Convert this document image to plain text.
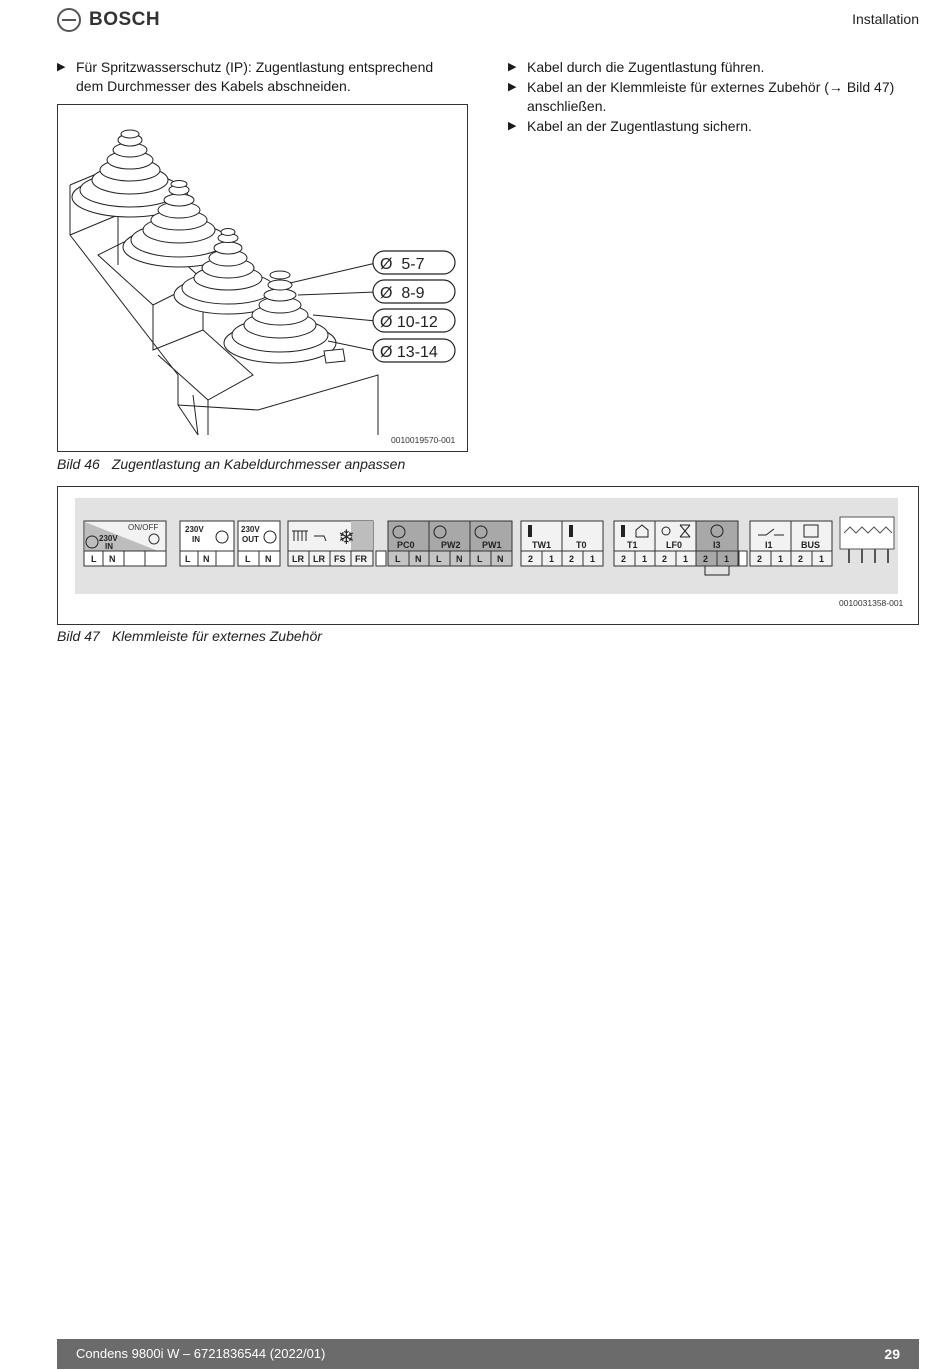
BOSCH	Installation
▶ Für Spritzwasserschutz (IP): Zugentlastung entsprechend dem Durchmesser des Kabels abschneiden.
▶ Kabel durch die Zugentlastung führen.
▶ Kabel an der Klemmleiste für externes Zubehör (→ Bild 47) anschließen.
▶ Kabel an der Zugentlastung sichern.
Ø  5-7
Ø  8-9
Ø 10-12
Ø 13-14
0010019570-001
Bild 46 Zugentlastung an Kabeldurchmesser anpassen
ON/OFF
230V
IN
L N
230V
IN
L N
230V
OUT
L N
❄
LR LR FS FR
PC0	PW2 PW1
L N L N L N
TW1	T0
2 1 2 1
T1	LF0	I3
2 1 2 1 2 1
I1	BUS
2 1 2 1
0010031358-001
Bild 47 Klemmleiste für externes Zubehör
Condens 9800i W – 6721836544 (2022/01)	29
